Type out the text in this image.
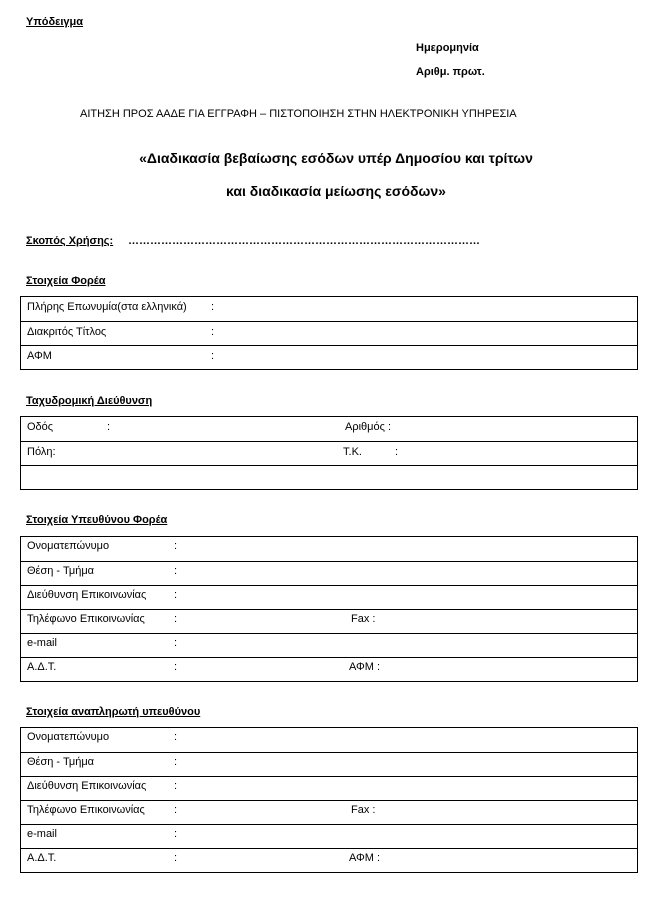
Υπόδειγμα
Ημερομηνία
Αριθμ. πρωτ.
ΑΙΤΗΣΗ ΠΡΟΣ ΑΑΔΕ ΓΙΑ ΕΓΓΡΑΦΗ – ΠΙΣΤΟΠΟΙΗΣΗ ΣΤΗΝ ΗΛΕΚΤΡΟΝΙΚΗ ΥΠΗΡΕΣΙΑ
«Διαδικασία βεβαίωσης εσόδων υπέρ Δημοσίου και τρίτων
και διαδικασία μείωσης εσόδων»
Σκοπός Χρήσης: ……………………………………………………………………………………
Στοιχεία Φορέα
Πλήρης Επωνυμία(στα ελληνικά) :
Διακριτός Τίτλος	:
ΑΦΜ	:
Ταχυδρομική Διεύθυνση
Οδός	:	Αριθμός :
Πόλη:	Τ.Κ.	:
Στοιχεία Υπευθύνου Φορέα
Ονοματεπώνυμο	:
Θέση - Τμήμα	:
Διεύθυνση Επικοινωνίας	:
Τηλέφωνο Επικοινωνίας	:	Fax :
e-mail	:
Α.Δ.Τ.	:	ΑΦΜ :
Στοιχεία αναπληρωτή υπευθύνου
Ονοματεπώνυμο	:
Θέση - Τμήμα	:
Διεύθυνση Επικοινωνίας	:
Τηλέφωνο Επικοινωνίας	:	Fax :
e-mail	:
Α.Δ.Τ.	:	ΑΦΜ :
